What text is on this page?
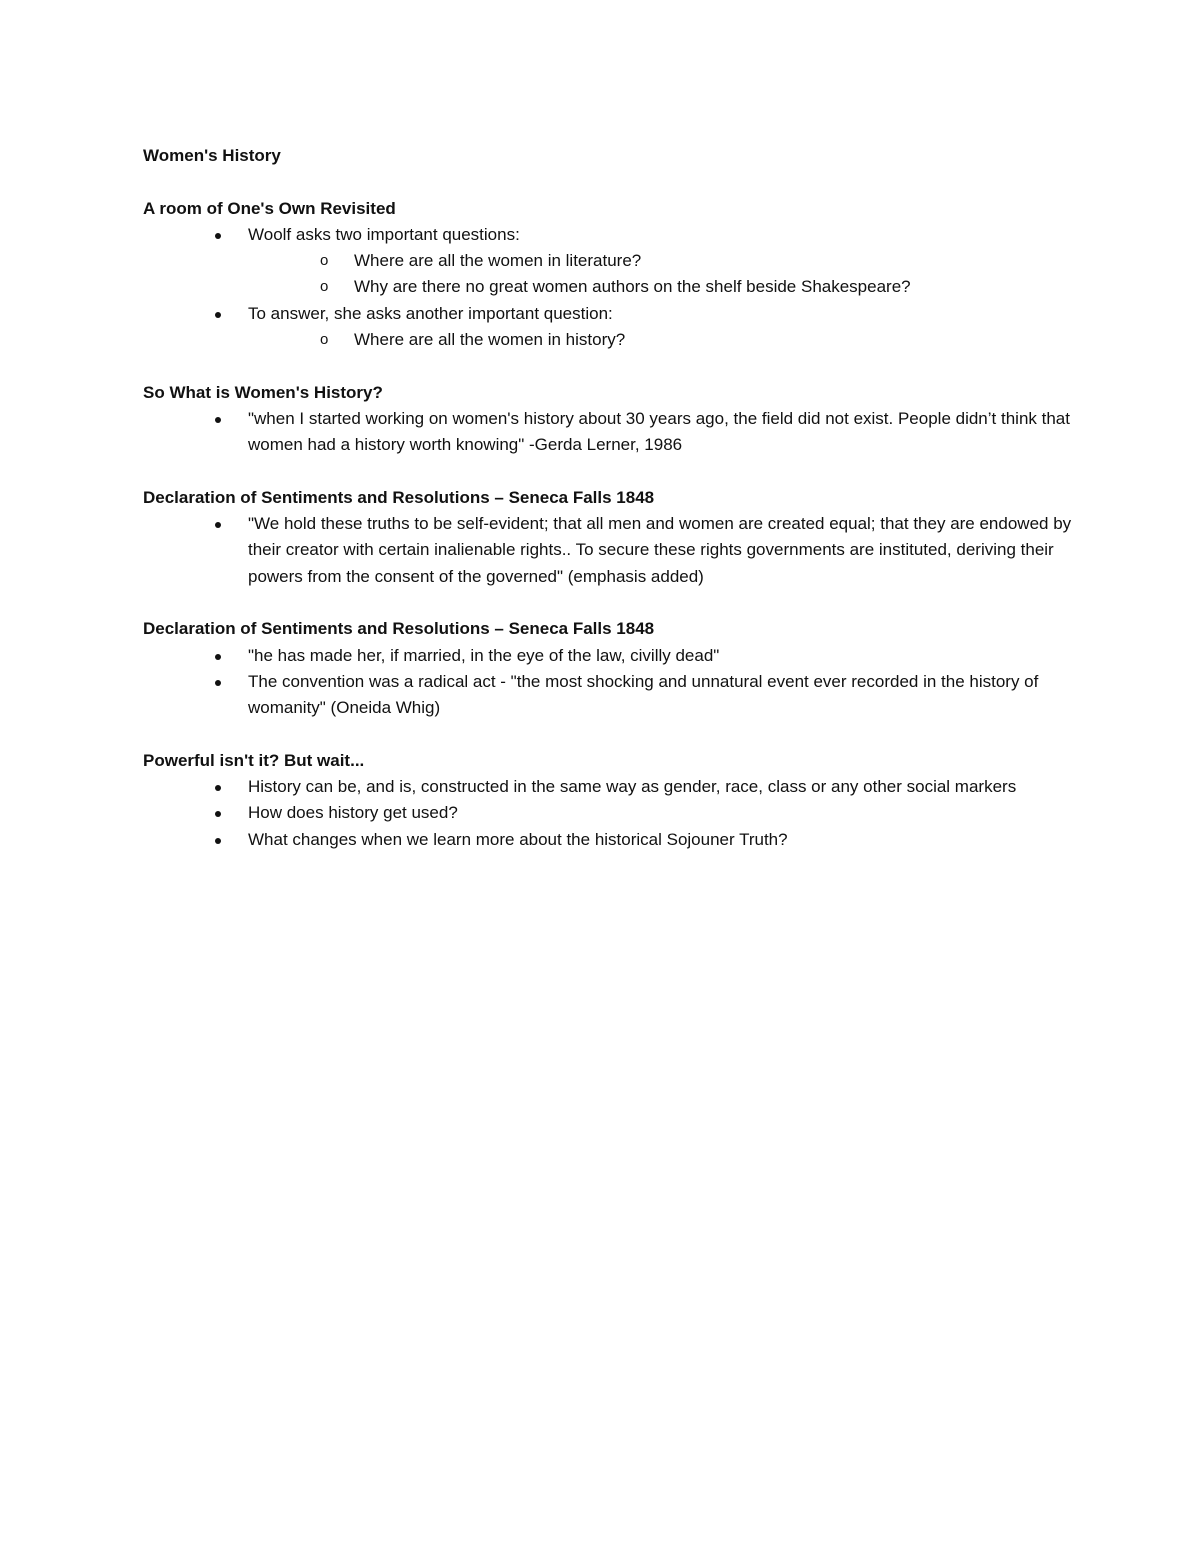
Women's History
A room of One's Own Revisited
Woolf asks two important questions:
o Where are all the women in literature?
o Why are there no great women authors on the shelf beside Shakespeare?
To answer, she asks another important question:
o Where are all the women in history?
So What is Women's History?
"when I started working on women's history about 30 years ago, the field did not exist. People didn’t think that women had a history worth knowing" -Gerda Lerner, 1986
Declaration of Sentiments and Resolutions – Seneca Falls 1848
"We hold these truths to be self-evident; that all men and women are created equal; that they are endowed by their creator with certain inalienable rights.. To secure these rights governments are instituted, deriving their powers from the consent of the governed" (emphasis added)
Declaration of Sentiments and Resolutions – Seneca Falls 1848
"he has made her, if married, in the eye of the law, civilly dead"
The convention was a radical act - "the most shocking and unnatural event ever recorded in the history of womanity" (Oneida Whig)
Powerful isn't it? But wait...
History can be, and is, constructed in the same way as gender, race, class or any other social markers
How does history get used?
What changes when we learn more about the historical Sojouner Truth?
